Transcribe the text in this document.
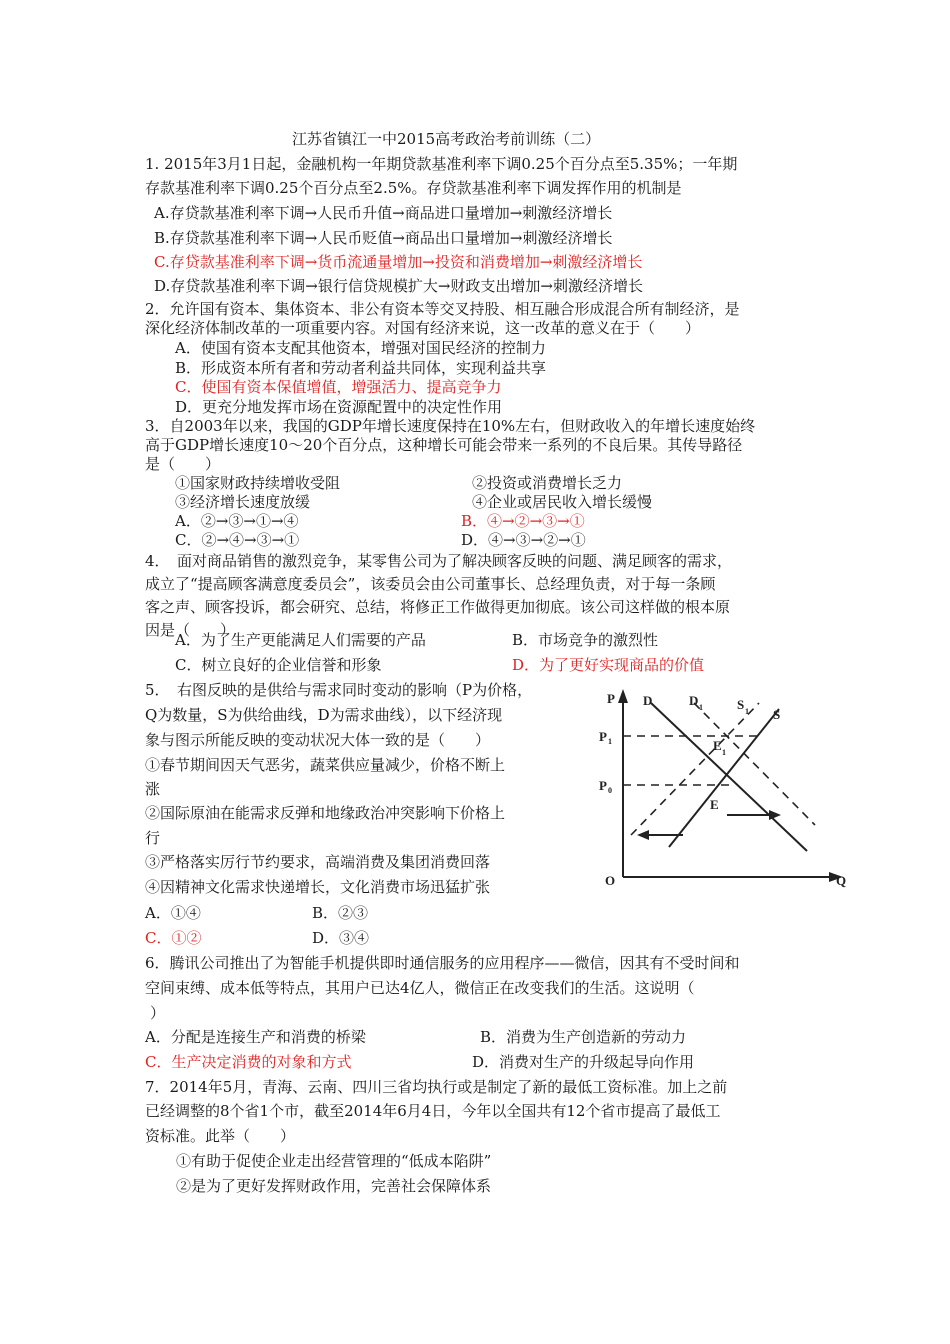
江苏省镇江一中2015高考政治考前训练（二）
1. 2015年3月1日起，金融机构一年期贷款基准利率下调0.25个百分点至5.35%；一年期
存款基准利率下调0.25个百分点至2.5%。存贷款基准利率下调发挥作用的机制是
A.存贷款基准利率下调→人民币升值→商品进口量增加→刺激经济增长
B.存贷款基准利率下调→人民币贬值→商品出口量增加→刺激经济增长
C.存贷款基准利率下调→货币流通量增加→投资和消费增加→刺激经济增长
D.存贷款基准利率下调→银行信贷规模扩大→财政支出增加→刺激经济增长
2．允许国有资本、集体资本、非公有资本等交叉持股、相互融合形成混合所有制经济，是
深化经济体制改革的一项重要内容。对国有经济来说，这一改革的意义在于（　　）
A．使国有资本支配其他资本，增强对国民经济的控制力
B．形成资本所有者和劳动者利益共同体，实现利益共享
C．使国有资本保值增值，增强活力、提高竞争力
D．更充分地发挥市场在资源配置中的决定性作用
3．自2003年以来，我国的GDP年增长速度保持在10%左右，但财政收入的年增长速度始终
高于GDP增长速度10～20个百分点，这种增长可能会带来一系列的不良后果。其传导路径
是（　　）
①国家财政持续增收受阻	②投资或消费增长乏力
③经济增长速度放缓	④企业或居民收入增长缓慢
A．②→③→①→④	B．④→②→③→①
C．②→④→③→①	D．④→③→②→①
4．　面对商品销售的激烈竞争，某零售公司为了解决顾客反映的问题、满足顾客的需求，
成立了“提高顾客满意度委员会”，该委员会由公司董事长、总经理负责，对于每一条顾
客之声、顾客投诉，都会研究、总结，将修正工作做得更加彻底。该公司这样做的根本原
因是（　　）
A．为了生产更能满足人们需要的产品	B．市场竞争的激烈性
C．树立良好的企业信誉和形象	D．为了更好实现商品的价值
5．　右图反映的是供给与需求同时变动的影响（P为价格，
Q为数量，S为供给曲线，D为需求曲线），以下经济现
象与图示所能反映的变动状况大体一致的是（　　）
①春节期间因天气恶劣，蔬菜供应量减少，价格不断上
涨
②国际原油在能需求反弹和地缘政治冲突影响下价格上
行
③严格落实厉行节约要求，高端消费及集团消费回落
④因精神文化需求快递增长，文化消费市场迅猛扩张
A．①④	B．②③
C．①②	D．③④
P
Q
O
P 1
P 0
D	D 1	S 1 S
E 1
E
6．腾讯公司推出了为智能手机提供即时通信服务的应用程序——微信，因其有不受时间和
空间束缚、成本低等特点，其用户已达4亿人，微信正在改变我们的生活。这说明（
）
A．分配是连接生产和消费的桥梁	B．消费为生产创造新的劳动力
C．生产决定消费的对象和方式	D．消费对生产的升级起导向作用
7．2014年5月，青海、云南、四川三省均执行或是制定了新的最低工资标准。加上之前
已经调整的8个省1个市，截至2014年6月4日，今年以全国共有12个省市提高了最低工
资标准。此举（　　）
①有助于促使企业走出经营管理的“低成本陷阱”
②是为了更好发挥财政作用，完善社会保障体系
